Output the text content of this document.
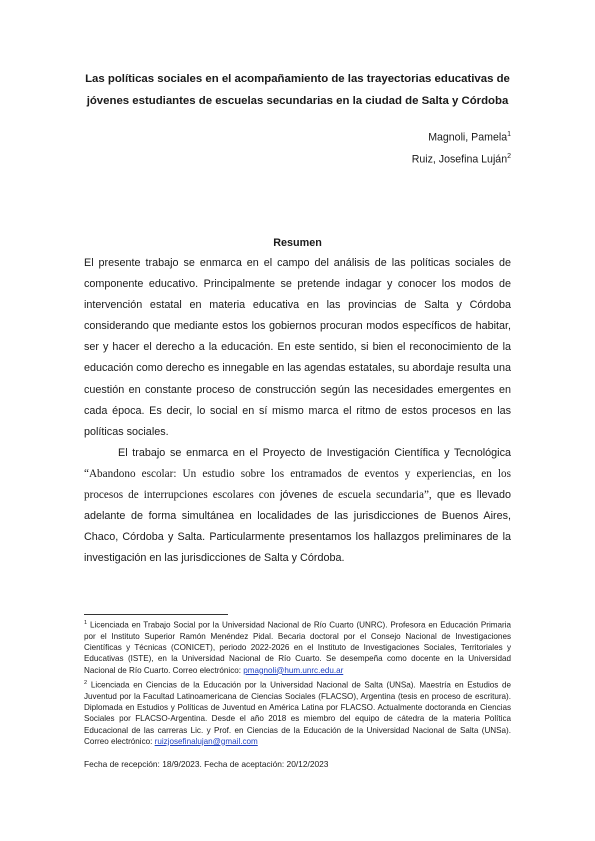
Las políticas sociales en el acompañamiento de las trayectorias educativas de jóvenes estudiantes de escuelas secundarias en la ciudad de Salta y Córdoba
Magnoli, Pamela$^1$
Ruiz, Josefina Luján$^2$
Resumen

El presente trabajo se enmarca en el campo del análisis de las políticas sociales de componente educativo. Principalmente se pretende indagar y conocer los modos de intervención estatal en materia educativa en las provincias de Salta y Córdoba considerando que mediante estos los gobiernos procuran modos específicos de habitar, ser y hacer el derecho a la educación. En este sentido, si bien el reconocimiento de la educación como derecho es innegable en las agendas estatales, su abordaje resulta una cuestión en constante proceso de construcción según las necesidades emergentes en cada época. Es decir, lo social en sí mismo marca el ritmo de estos procesos en las políticas sociales.

El trabajo se enmarca en el Proyecto de Investigación Científica y Tecnológica “Abandono escolar: Un estudio sobre los entramados de eventos y experiencias, en los procesos de interrupciones escolares con jóvenes de escuela secundaria”, que es llevado adelante de forma simultánea en localidades de las jurisdicciones de Buenos Aires, Chaco, Córdoba y Salta. Particularmente presentamos los hallazgos preliminares de la investigación en las jurisdicciones de Salta y Córdoba.

$^1$ Licenciada en Trabajo Social por la Universidad Nacional de Río Cuarto (UNRC). Profesora en Educación Primaria por el Instituto Superior Ramón Menéndez Pidal. Becaria doctoral por el Consejo Nacional de Investigaciones Científicas y Técnicas (CONICET), periodo 2022-2026 en el Instituto de Investigaciones Sociales, Territoriales y Educativas (ISTE), en la Universidad Nacional de Río Cuarto. Se desempeña como docente en la Universidad Nacional de Río Cuarto. Correo electrónico: pmagnoli@hum.unrc.edu.ar

$^2$ Licenciada en Ciencias de la Educación por la Universidad Nacional de Salta (UNSa). Maestría en Estudios de Juventud por la Facultad Latinoamericana de Ciencias Sociales (FLACSO), Argentina (tesis en proceso de escritura). Diplomada en Estudios y Políticas de Juventud en América Latina por FLACSO. Actualmente doctoranda en Ciencias Sociales por FLACSO-Argentina. Desde el año 2018 es miembro del equipo de cátedra de la materia Política Educacional de las carreras Lic. y Prof. en Ciencias de la Educación de la Universidad Nacional de Salta (UNSa). Correo electrónico: ruizjosefinalujan@gmail.com

Fecha de recepción: 18/9/2023. Fecha de aceptación: 20/12/2023
